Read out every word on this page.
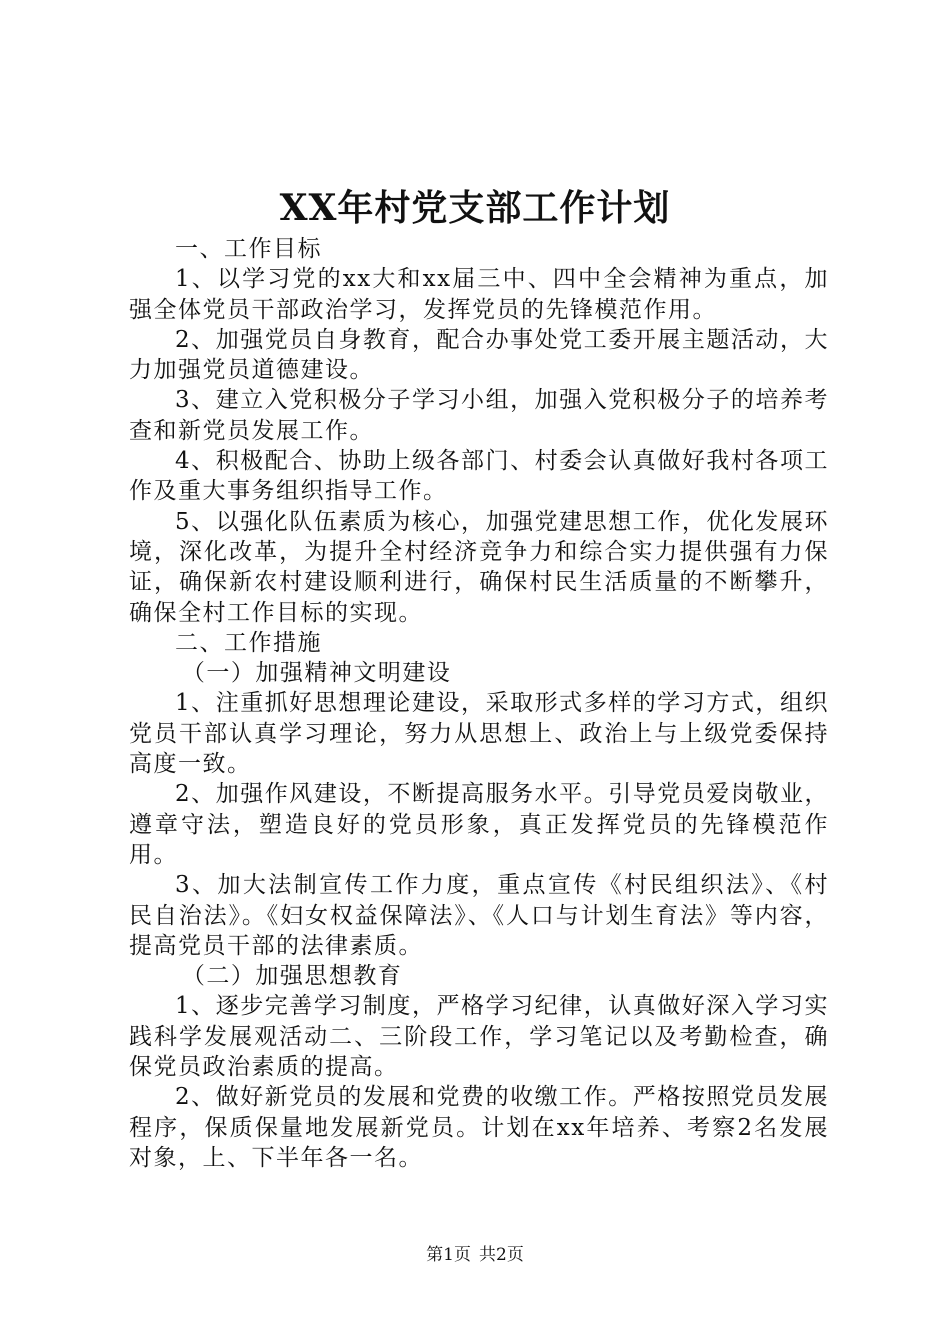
XX年村党支部工作计划

一、工作目标

1、以学习党的xx大和xx届三中、四中全会精神为重点，加强全体党员干部政治学习，发挥党员的先锋模范作用。

2、加强党员自身教育，配合办事处党工委开展主题活动，大力加强党员道德建设。

3、建立入党积极分子学习小组，加强入党积极分子的培养考查和新党员发展工作。

4、积极配合、协助上级各部门、村委会认真做好我村各项工作及重大事务组织指导工作。

5、以强化队伍素质为核心，加强党建思想工作，优化发展环境，深化改革，为提升全村经济竞争力和综合实力提供强有力保证，确保新农村建设顺利进行，确保村民生活质量的不断攀升，确保全村工作目标的实现。

二、工作措施

（一）加强精神文明建设

1、注重抓好思想理论建设，采取形式多样的学习方式，组织党员干部认真学习理论，努力从思想上、政治上与上级党委保持高度一致。

2、加强作风建设，不断提高服务水平。引导党员爱岗敬业，遵章守法，塑造良好的党员形象，真正发挥党员的先锋模范作用。

3、加大法制宣传工作力度，重点宣传《村民组织法》、《村民自治法》。《妇女权益保障法》、《人口与计划生育法》等内容，提高党员干部的法律素质。

（二）加强思想教育

1、逐步完善学习制度，严格学习纪律，认真做好深入学习实践科学发展观活动二、三阶段工作，学习笔记以及考勤检查，确保党员政治素质的提高。

2、做好新党员的发展和党费的收缴工作。严格按照党员发展程序，保质保量地发展新党员。计划在xx年培养、考察2名发展对象，上、下半年各一名。

第1页 共2页
